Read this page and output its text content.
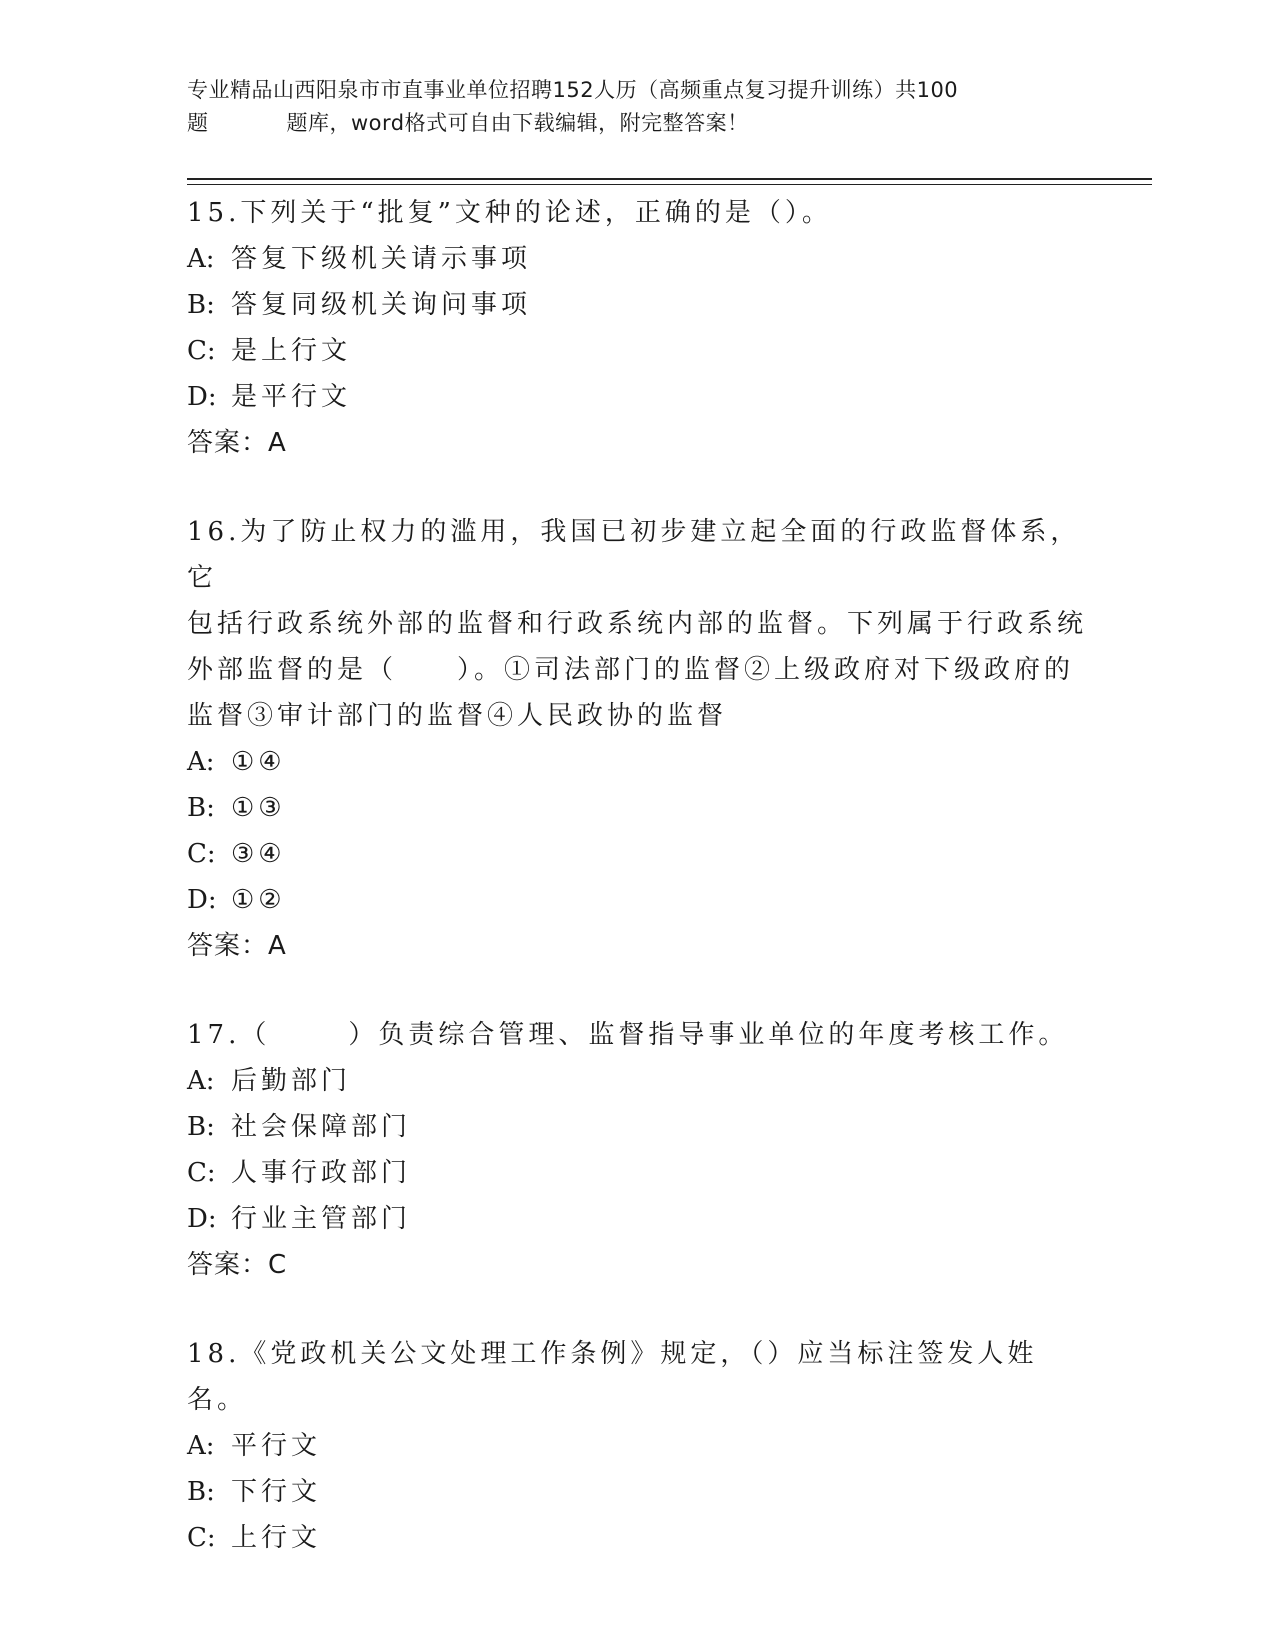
专业精品山西阳泉市市直事业单位招聘152人历（高频重点复习提升训练）共100
题	题库，word格式可自由下载编辑，附完整答案！

15.下列关于“批复”文种的论述，正确的是（）。

A: 答复下级机关请示事项

B: 答复同级机关询问事项

C: 是上行文

D: 是平行文

答案：A

16.为了防止权力的滥用，我国已初步建立起全面的行政监督体系，它

包括行政系统外部的监督和行政系统内部的监督。下列属于行政系统

外部监督的是（　　）。①司法部门的监督②上级政府对下级政府的

监督③审计部门的监督④人民政协的监督

A: ①④

B: ①③

C: ③④

D: ①②

答案：A

17.（	）负责综合管理、监督指导事业单位的年度考核工作。

A: 后勤部门

B: 社会保障部门

C: 人事行政部门

D: 行业主管部门

答案：C

18.《党政机关公文处理工作条例》规定，（）应当标注签发人姓名。

A: 平行文

B: 下行文

C: 上行文
